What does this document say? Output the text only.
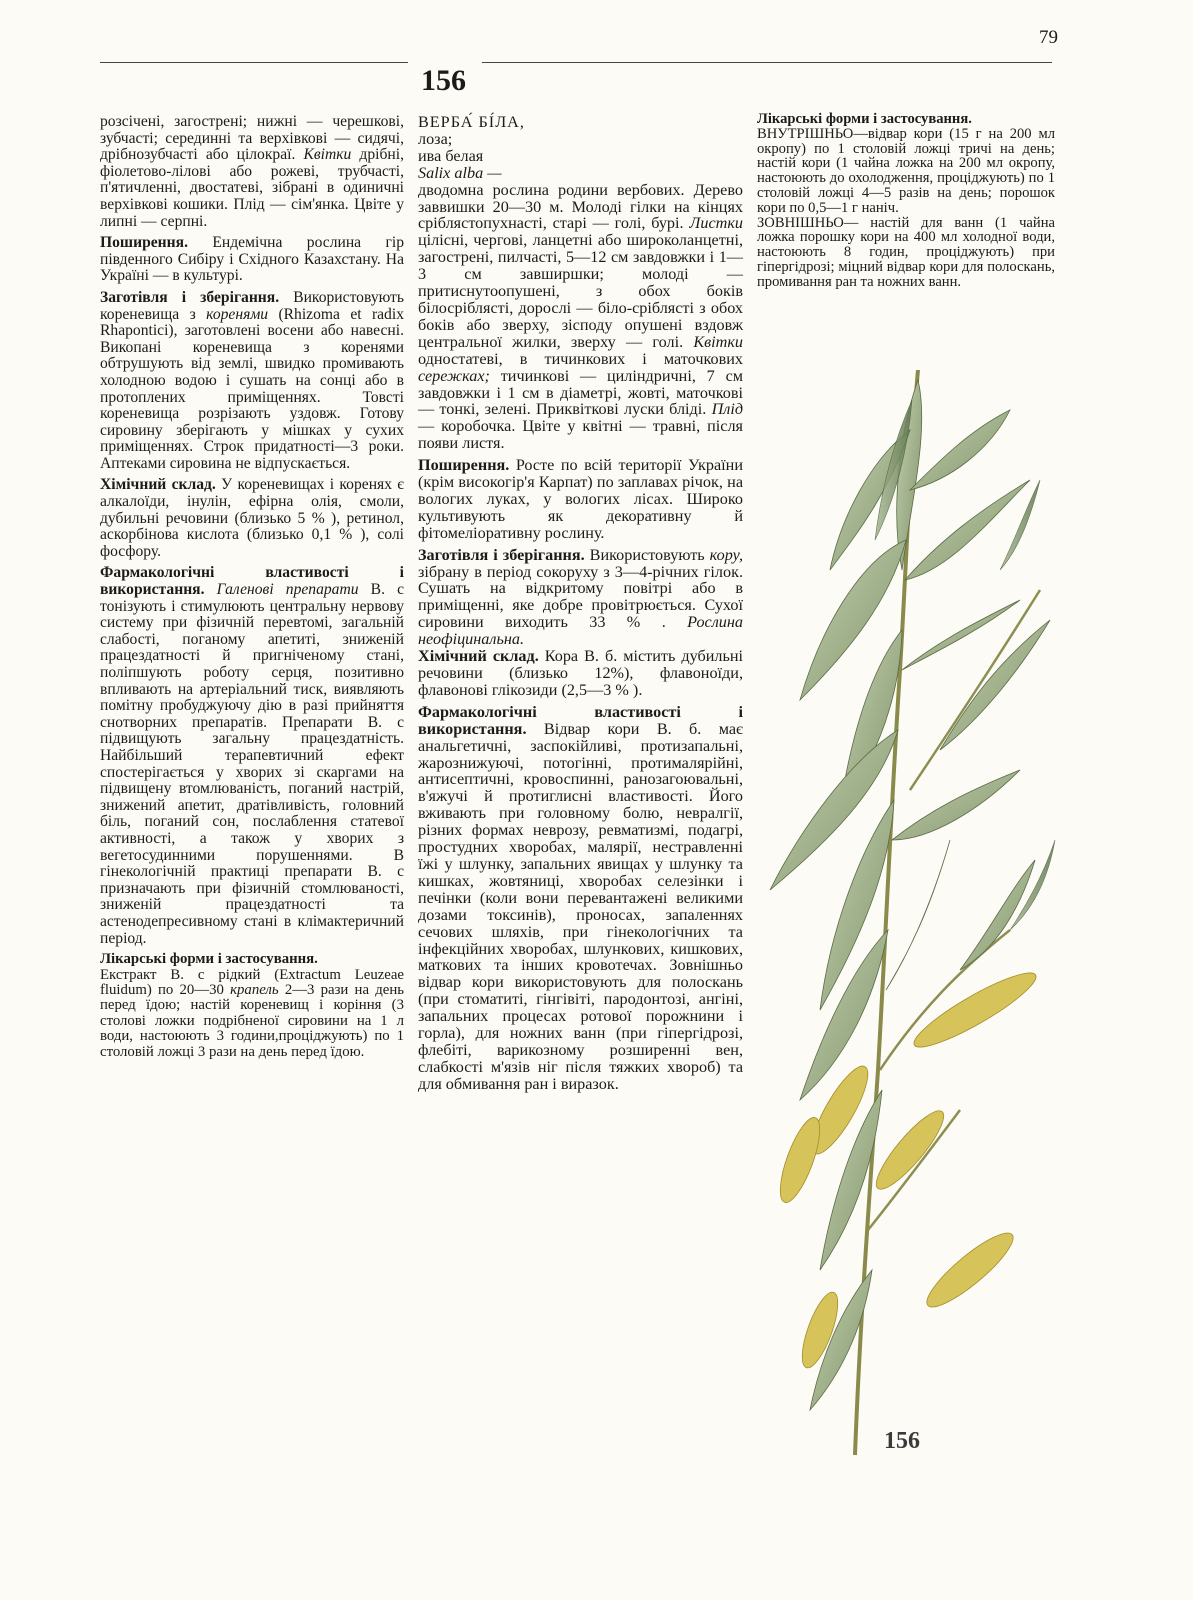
79
156

розсічені, загострені; нижні — черешкові, зубчасті; серединні та верхівкові — сидячі, дрібнозубчасті або цілокраї. Квітки дрібні, фіолетово-лілові або рожеві, трубчасті, п'ятичленні, двостатеві, зібрані в одиничні верхівкові кошики. Плід — сім'янка. Цвіте у липні — серпні.

Поширення. Ендемічна рослина гір південного Сибіру і Східного Казахстану. На Україні — в культурі.

Заготівля і зберігання. Використовують кореневища з коренями (Rhizoma et radix Rhapontici), заготовлені восени або навесні. Викопані кореневища з коренями обтрушують від землі, швидко промивають холодною водою і сушать на сонці або в протоплених приміщеннях. Товсті кореневища розрізають уздовж. Готову сировину зберігають у мішках у сухих приміщеннях. Строк придатності—3 роки. Аптеками сировина не відпускається.

Хімічний склад. У кореневищах і коренях є алкалоїди, інулін, ефірна олія, смоли, дубильні речовини (близько 5 % ), ретинол, аскорбінова кислота (близько 0,1 % ), солі фосфору.

Фармакологічні властивості і використання. Галенові препарати В. с тонізують і стимулюють центральну нервову систему при фізичній перевтомі, загальній слабості, поганому апетиті, зниженій працездатності й пригніченому стані, поліпшують роботу серця, позитивно впливають на артеріальний тиск, виявляють помітну пробуджуючу дію в разі прийняття снотворних препаратів. Препарати В. с підвищують загальну працездатність. Найбільший терапевтичний ефект спостерігається у хворих зі скаргами на підвищену втомлюваність, поганий настрій, знижений апетит, дратівливість, головний біль, поганий сон, послаблення статевої активності, а також у хворих з вегетосудинними порушеннями. В гінекологічній практиці препарати В. с призначають при фізичній стомлюваності, зниженій працездатності та астенодепресивному стані в клімактеричний період.

Лікарські форми і застосування.
Екстракт В. с рідкий (Extractum Leuzeae fluidum) по 20—30 крапель 2—3 рази на день перед їдою; настій кореневищ і коріння (3 столові ложки подрібненої сировини на 1 л води, настоюють 3 години,проціджують) по 1 столовій ложці 3 рази на день перед їдою.

ВЕРБА́ БІ́ЛА,
лоза;
ива белая
Salix alba —

дводомна рослина родини вербових. Дерево заввишки 20—30 м. Молоді гілки на кінцях сріблястопухнасті, старі — голі, бурі. Листки цілісні, чергові, ланцетні або широколанцетні, загострені, пилчасті, 5—12 см завдовжки і 1—3 см завширшки; молоді — притиснутоопушені, з обох боків білосріблясті, дорослі — біло-сріблясті з обох боків або зверху, зісподу опушені вздовж центральної жилки, зверху — голі. Квітки одностатеві, в тичинкових і маточкових сережках; тичинкові — циліндричні, 7 см завдовжки і 1 см в діаметрі, жовті, маточкові — тонкі, зелені. Приквіткові луски бліді. Плід — коробочка. Цвіте у квітні — травні, після появи листя.

Поширення. Росте по всій території України (крім високогір'я Карпат) по заплавах річок, на вологих луках, у вологих лісах. Широко культивують як декоративну й фітомеліоративну рослину.

Заготівля і зберігання. Використовують кору, зібрану в період сокоруху з 3—4-річних гілок. Сушать на відкритому повітрі або в приміщенні, яке добре провітрюється. Сухої сировини виходить 33 % . Рослина неофіцинальна.
Хімічний склад. Кора В. б. містить дубильні речовини (близько 12%), флавоноїди, флавонові глікозиди (2,5—3 % ).

Фармакологічні властивості і використання. Відвар кори В. б. має анальгетичні, заспокійливі, протизапальні, жарознижуючі, потогінні, протималярійні, антисептичні, кровоспинні, ранозагоювальні, в'яжучі й протиглисні властивості. Його вживають при головному болю, невралгії, різних формах неврозу, ревматизмі, подагрі, простудних хворобах, малярії, нестравленні їжі у шлунку, запальних явищах у шлунку та кишках, жовтяниці, хворобах селезінки і печінки (коли вони перевантажені великими дозами токсинів), проносах, запаленнях сечових шляхів, при гінекологічних та інфекційних хворобах, шлункових, кишкових, маткових та інших кровотечах. Зовнішньо відвар кори використовують для полоскань (при стоматиті, гінгівіті, пародонтозі, ангіні, запальних процесах ротової порожнини і горла), для ножних ванн (при гіпергідрозі, флебіті, варикозному розширенні вен, слабкості м'язів ніг після тяжких хвороб) та для обмивання ран і виразок.

Лікарські форми і застосування.
ВНУТРІШНЬО—відвар кори (15 г на 200 мл окропу) по 1 столовій ложці тричі на день; настій кори (1 чайна ложка на 200 мл окропу, настоюють до охолодження, проціджують) по 1 столовій ложці 4—5 разів на день; порошок кори по 0,5—1 г наніч.
ЗОВНІШНЬО— настій для ванн (1 чайна ложка порошку кори на 400 мл холодної води, настоюють 8 годин, проціджують) при гіпергідрозі; міцний відвар кори для полоскань, промивання ран та ножних ванн.
156
